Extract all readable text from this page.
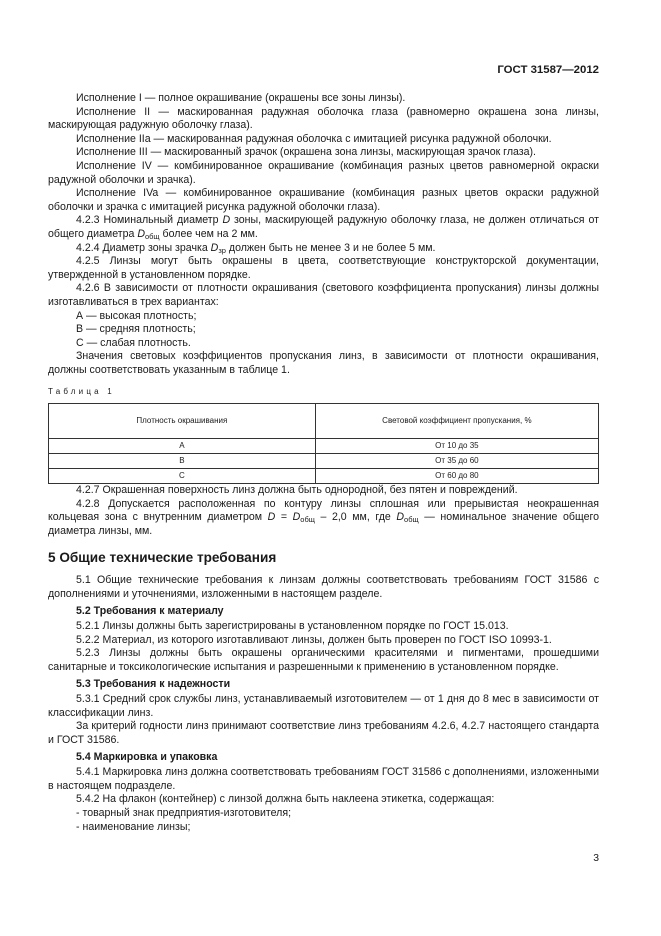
ГОСТ 31587—2012

Исполнение I — полное окрашивание (окрашены все зоны линзы).

Исполнение II — маскированная радужная оболочка глаза (равномерно окрашена зона линзы, маскирующая радужную оболочку глаза).

Исполнение IIa — маскированная радужная оболочка с имитацией рисунка радужной оболочки.

Исполнение III — маскированный зрачок (окрашена зона линзы, маскирующая зрачок глаза).

Исполнение IV — комбинированное окрашивание (комбинация разных цветов равномерной окраски радужной оболочки и зрачка).

Исполнение IVa — комбинированное окрашивание (комбинация разных цветов окраски радужной оболочки и зрачка с имитацией рисунка радужной оболочки глаза).

4.2.3 Номинальный диаметр D зоны, маскирующей радужную оболочку глаза, не должен отличаться от общего диаметра $D_{общ}$ более чем на 2 мм.

4.2.4 Диаметр зоны зрачка $D_{зр}$ должен быть не менее 3 и не более 5 мм.

4.2.5 Линзы могут быть окрашены в цвета, соответствующие конструкторской документации, утвержденной в установленном порядке.

4.2.6 В зависимости от плотности окрашивания (светового коэффициента пропускания) линзы должны изготавливаться в трех вариантах:

А — высокая плотность;

В — средняя плотность;

С — слабая плотность.

Значения световых коэффициентов пропускания линз, в зависимости от плотности окрашивания, должны соответствовать указанным в таблице 1.

Таблица 1
Плотность окрашивания	Световой коэффициент пропускания, %
А	От 10 до 35
В	От 35 до 60
С	От 60 до 80

4.2.7 Окрашенная поверхность линз должна быть однородной, без пятен и повреждений.

4.2.8 Допускается расположенная по контуру линзы сплошная или прерывистая неокрашенная кольцевая зона с внутренним диаметром $D = D_{общ} - 2,0$ мм, где $D_{общ}$ — номинальное значение общего диаметра линзы, мм.

5 Общие технические требования

5.1 Общие технические требования к линзам должны соответствовать требованиям ГОСТ 31586 с дополнениями и уточнениями, изложенными в настоящем разделе.

5.2 Требования к материалу

5.2.1 Линзы должны быть зарегистрированы в установленном порядке по ГОСТ 15.013.

5.2.2 Материал, из которого изготавливают линзы, должен быть проверен по ГОСТ ISO 10993-1.

5.2.3 Линзы должны быть окрашены органическими красителями и пигментами, прошедшими санитарные и токсикологические испытания и разрешенными к применению в установленном порядке.

5.3 Требования к надежности

5.3.1 Средний срок службы линз, устанавливаемый изготовителем — от 1 дня до 8 мес в зависимости от классификации линз.

За критерий годности линз принимают соответствие линз требованиям 4.2.6, 4.2.7 настоящего стандарта и ГОСТ 31586.

5.4 Маркировка и упаковка

5.4.1 Маркировка линз должна соответствовать требованиям ГОСТ 31586 с дополнениями, изложенными в настоящем подразделе.

5.4.2 На флакон (контейнер) с линзой должна быть наклеена этикетка, содержащая:

- товарный знак предприятия-изготовителя;

- наименование линзы;

3
